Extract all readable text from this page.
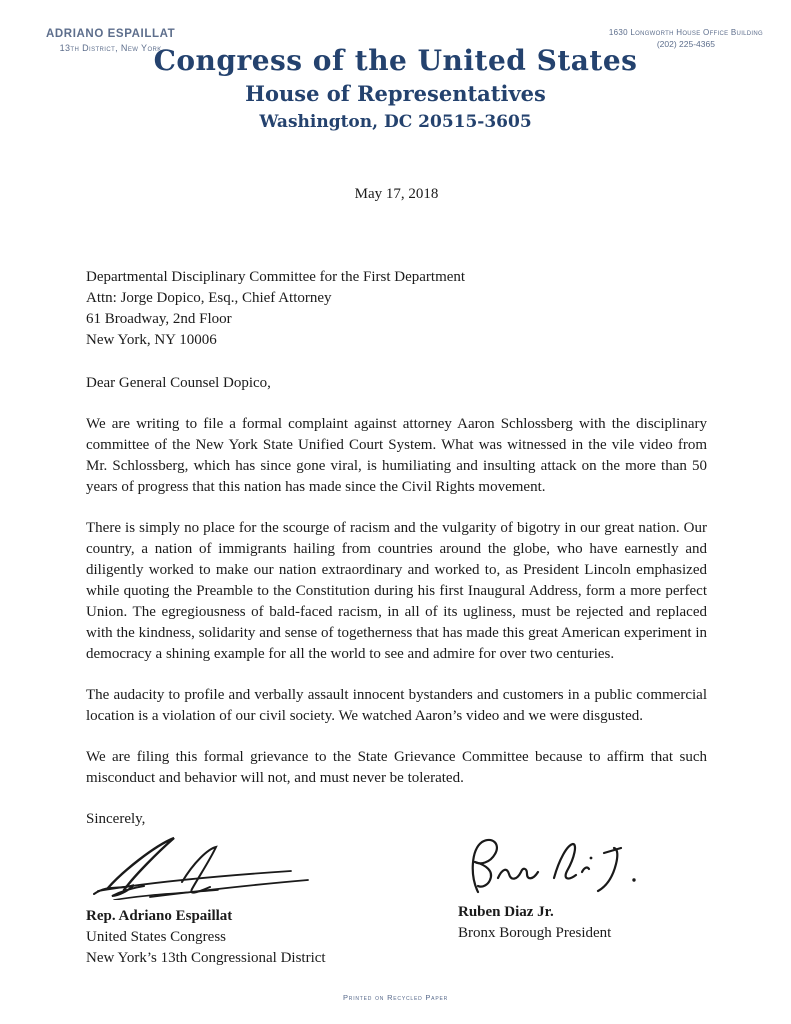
ADRIANO ESPAILLAT
13th District, New York
1630 Longworth House Office Building
(202) 225-4365
Congress of the United States
House of Representatives
Washington, DC 20515-3605
May 17, 2018
Departmental Disciplinary Committee for the First Department
Attn: Jorge Dopico, Esq., Chief Attorney
61 Broadway, 2nd Floor
New York, NY 10006
Dear General Counsel Dopico,
We are writing to file a formal complaint against attorney Aaron Schlossberg with the disciplinary committee of the New York State Unified Court System. What was witnessed in the vile video from Mr. Schlossberg, which has since gone viral, is humiliating and insulting attack on the more than 50 years of progress that this nation has made since the Civil Rights movement.
There is simply no place for the scourge of racism and the vulgarity of bigotry in our great nation. Our country, a nation of immigrants hailing from countries around the globe, who have earnestly and diligently worked to make our nation extraordinary and worked to, as President Lincoln emphasized while quoting the Preamble to the Constitution during his first Inaugural Address, form a more perfect Union. The egregiousness of bald-faced racism, in all of its ugliness, must be rejected and replaced with the kindness, solidarity and sense of togetherness that has made this great American experiment in democracy a shining example for all the world to see and admire for over two centuries.
The audacity to profile and verbally assault innocent bystanders and customers in a public commercial location is a violation of our civil society. We watched Aaron’s video and we were disgusted.
We are filing this formal grievance to the State Grievance Committee because to affirm that such misconduct and behavior will not, and must never be tolerated.
Sincerely,
Rep. Adriano Espaillat
United States Congress
New York’s 13th Congressional District
Ruben Diaz Jr.
Bronx Borough President
Printed on Recycled Paper
